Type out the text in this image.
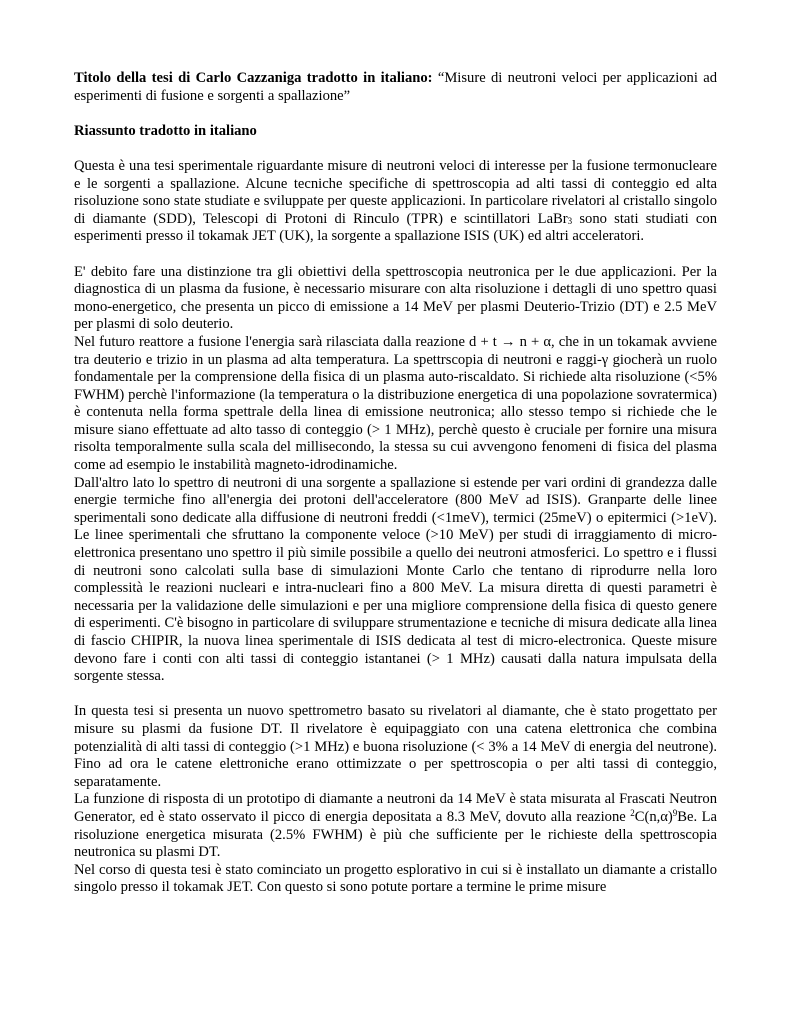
Titolo della tesi di Carlo Cazzaniga tradotto in italiano: “Misure di neutroni veloci per applicazioni ad esperimenti di fusione e sorgenti a spallazione”

Riassunto tradotto in italiano

Questa è una tesi sperimentale riguardante misure di neutroni veloci di interesse per la fusione termonucleare e le sorgenti a spallazione. Alcune tecniche specifiche di spettroscopia ad alti tassi di conteggio ed alta risoluzione sono state studiate e sviluppate per queste applicazioni. In particolare rivelatori al cristallo singolo di diamante (SDD), Telescopi di Protoni di Rinculo (TPR) e scintillatori LaBr$_3$ sono stati studiati con esperimenti presso il tokamak JET (UK), la sorgente a spallazione ISIS (UK) ed altri acceleratori.

E' debito fare una distinzione tra gli obiettivi della spettroscopia neutronica per le due applicazioni. Per la diagnostica di un plasma da fusione, è necessario misurare con alta risoluzione i dettagli di uno spettro quasi mono-energetico, che presenta un picco di emissione a 14 MeV per plasmi Deuterio-Trizio (DT) e 2.5 MeV per plasmi di solo deuterio.

Nel futuro reattore a fusione l'energia sarà rilasciata dalla reazione d + t → n + α, che in un tokamak avviene tra deuterio e trizio in un plasma ad alta temperatura. La spettrscopia di neutroni e raggi-γ giocherà un ruolo fondamentale per la comprensione della fisica di un plasma auto-riscaldato. Si richiede alta risoluzione (<5% FWHM) perchè l'informazione (la temperatura o la distribuzione energetica di una popolazione sovratermica) è contenuta nella forma spettrale della linea di emissione neutronica; allo stesso tempo si richiede che le misure siano effettuate ad alto tasso di conteggio (> 1 MHz), perchè questo è cruciale per fornire una misura risolta temporalmente sulla scala del millisecondo, la stessa su cui avvengono fenomeni di fisica del plasma come ad esempio le instabilità magneto-idrodinamiche.

Dall'altro lato lo spettro di neutroni di una sorgente a spallazione si estende per vari ordini di grandezza dalle energie termiche fino all'energia dei protoni dell'acceleratore (800 MeV ad ISIS). Granparte delle linee sperimentali sono dedicate alla diffusione di neutroni freddi (<1meV), termici (25meV) o epitermici (>1eV). Le linee sperimentali che sfruttano la componente veloce (>10 MeV) per studi di irraggiamento di micro-elettronica presentano uno spettro il più simile possibile a quello dei neutroni atmosferici. Lo spettro e i flussi di neutroni sono calcolati sulla base di simulazioni Monte Carlo che tentano di riprodurre nella loro complessità le reazioni nucleari e intra-nucleari fino a 800 MeV. La misura diretta di questi parametri è necessaria per la validazione delle simulazioni e per una migliore comprensione della fisica di questo genere di esperimenti. C'è bisogno in particolare di sviluppare strumentazione e tecniche di misura dedicate alla linea di fascio CHIPIR, la nuova linea sperimentale di ISIS dedicata al test di micro-electronica. Queste misure devono fare i conti con alti tassi di conteggio istantanei (> 1 MHz) causati dalla natura impulsata della sorgente stessa.

In questa tesi si presenta un nuovo spettrometro basato su rivelatori al diamante, che è stato progettato per misure su plasmi da fusione DT. Il rivelatore è equipaggiato con una catena elettronica che combina potenzialità di alti tassi di conteggio (>1 MHz) e buona risoluzione (< 3% a 14 MeV di energia del neutrone). Fino ad ora le catene elettroniche erano ottimizzate o per spettroscopia o per alti tassi di conteggio, separatamente.

La funzione di risposta di un prototipo di diamante a neutroni da 14 MeV è stata misurata al Frascati Neutron Generator, ed è stato osservato il picco di energia depositata a 8.3 MeV, dovuto alla reazione $^2C(n,\alpha)^9Be$. La risoluzione energetica misurata (2.5% FWHM) è più che sufficiente per le richieste della spettroscopia neutronica su plasmi DT.

Nel corso di questa tesi è stato cominciato un progetto esplorativo in cui si è installato un diamante a cristallo singolo presso il tokamak JET. Con questo si sono potute portare a termine le prime misure
